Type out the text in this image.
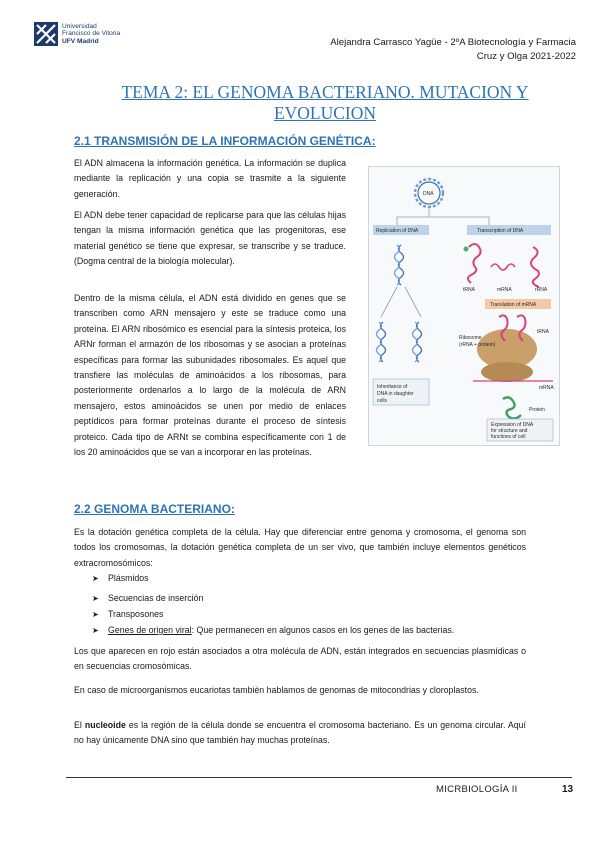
Universidad
Francisco de Vitoria
UFV Madrid	Alejandra Carrasco Yagüe - 2ºA Biotecnología y Farmacia
Cruz y Olga 2021-2022
TEMA 2: EL GENOMA BACTERIANO. MUTACION Y EVOLUCION
2.1 TRANSMISIÓN DE LA INFORMACIÓN GENÉTICA:
El ADN almacena la información genética. La información se duplica mediante la replicación y una copia se trasmite a la siguiente generación.
El ADN debe tener capacidad de replicarse para que las células hijas tengan la misma información genética que las progenitoras, ese material genético se tiene que expresar, se transcribe y se traduce. (Dogma central de la biología molecular).
Dentro de la misma célula, el ADN está dividido en genes que se transcriben como ARN mensajero y este se traduce como una proteína. El ARN ribosómico es esencial para la síntesis proteica, los ARNr forman el armazón de los ribosomas y se asocian a proteínas específicas para formar las subunidades ribosomales. Es aquel que transfiere las moléculas de aminoácidos a los ribosomas, para posteriormente ordenarlos a lo largo de la molécula de ARN mensajero, estos aminoácidos se unen por medio de enlaces peptídicos para formar proteínas durante el proceso de síntesis proteico. Cada tipo de ARNt se combina específicamente con 1 de los 20 aminoácidos que se van a incorporar en las proteínas.
DNA
Replication of DNA	Transcription of DNA
Inheritance of
DNA in daughter
cells
tRNA	mRNA	rRNA
Translation of mRNA
Ribosome
(rRNA + protein)
tRNA
mRNA
Protein
Expression of DNA
for structure and
functions of cell
2.2 GENOMA BACTERIANO:
Es la dotación genética completa de la célula. Hay que diferenciar entre genoma y cromosoma, el genoma son todos los cromosomas, la dotación genética completa de un ser vivo, que también incluye elementos genéticos extracromosómicos:
➤ Plásmidos
➤ Secuencias de inserción
➤ Transposones
➤ Genes de origen viral: Que permanecen en algunos casos en los genes de las bacterias.
Los que aparecen en rojo están asociados a otra molécula de ADN, están integrados en secuencias plasmídicas o en secuencias cromosómicas.
En caso de microorganismos eucariotas también hablamos de genomas de mitocondrias y cloroplastos.
El nucleoide es la región de la célula donde se encuentra el cromosoma bacteriano. Es un genoma circular. Aquí no hay únicamente DNA sino que también hay muchas proteínas.
MICRBIOLOGÍA II	13
